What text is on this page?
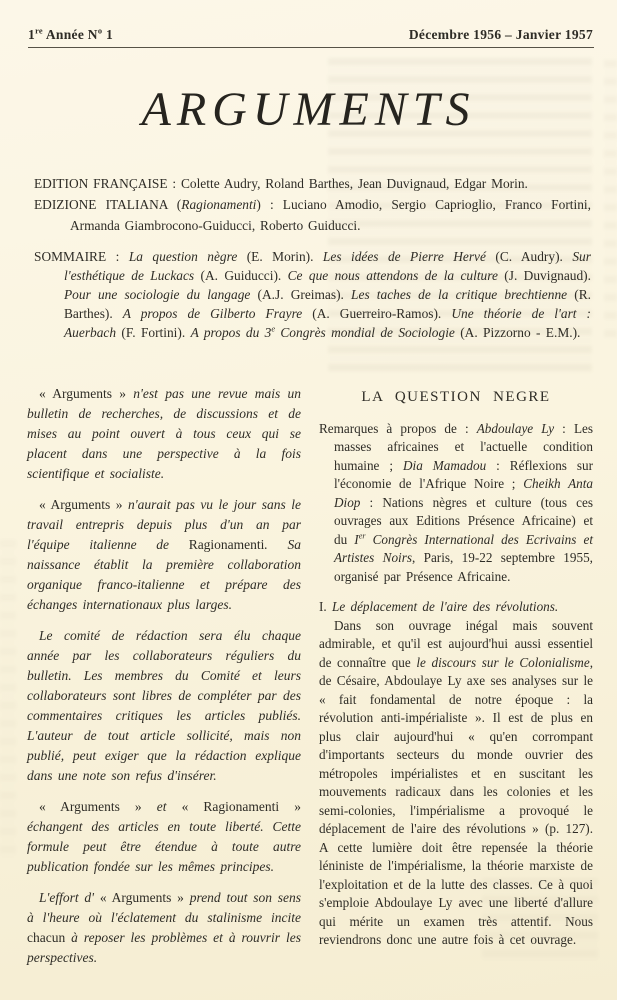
1re Année $N^o$ 1	Décembre 1956 – Janvier 1957
ARGUMENTS

EDITION FRANÇAISE : Colette Audry, Roland Barthes, Jean Duvignaud, Edgar Morin.

EDIZIONE ITALIANA (Ragionamenti) : Luciano Amodio, Sergio Caprioglio, Franco Fortini, Armanda Giambrocono-Guiducci, Roberto Guiducci.

SOMMAIRE : La question nègre (E. Morin). Les idées de Pierre Hervé (C. Audry). Sur l'esthétique de Luckacs (A. Guiducci). Ce que nous attendons de la culture (J. Duvignaud). Pour une sociologie du langage (A.J. Greimas). Les taches de la critique brechtienne (R. Barthes). A propos de Gilberto Frayre (A. Guerreiro-Ramos). Une théorie de l'art : Auerbach (F. Fortini). A propos du 3e Congrès mondial de Sociologie (A. Pizzorno - E.M.).

« Arguments » n'est pas une revue mais un bulletin de recherches, de discussions et de mises au point ouvert à tous ceux qui se placent dans une perspective à la fois scientifique et socialiste.

« Arguments » n'aurait pas vu le jour sans le travail entrepris depuis plus d'un an par l'équipe italienne de Ragionamenti. Sa naissance établit la première collaboration organique franco-italienne et prépare des échanges internationaux plus larges.

Le comité de rédaction sera élu chaque année par les collaborateurs réguliers du bulletin. Les membres du Comité et leurs collaborateurs sont libres de compléter par des commentaires critiques les articles publiés. L'auteur de tout article sollicité, mais non publié, peut exiger que la rédaction explique dans une note son refus d'insérer.

« Arguments » et « Ragionamenti » échangent des articles en toute liberté. Cette formule peut être étendue à toute autre publication fondée sur les mêmes principes.

L'effort d' « Arguments » prend tout son sens à l'heure où l'éclatement du stalinisme incite chacun à reposer les problèmes et à rouvrir les perspectives.

LA QUESTION NEGRE

Remarques à propos de : Abdoulaye Ly : Les masses africaines et l'actuelle condition humaine ; Dia Mamadou : Réflexions sur l'économie de l'Afrique Noire ; Cheikh Anta Diop : Nations nègres et culture (tous ces ouvrages aux Editions Présence Africaine) et du Ier Congrès International des Ecrivains et Artistes Noirs, Paris, 19-22 septembre 1955, organisé par Présence Africaine.

I. Le déplacement de l'aire des révolutions.

Dans son ouvrage inégal mais souvent admirable, et qu'il est aujourd'hui aussi essentiel de connaître que le discours sur le Colonialisme, de Césaire, Abdoulaye Ly axe ses analyses sur le « fait fondamental de notre époque : la révolution anti-impérialiste ». Il est de plus en plus clair aujourd'hui « qu'en corrompant d'importants secteurs du monde ouvrier des métropoles impérialistes et en suscitant les mouvements radicaux dans les colonies et les semi-colonies, l'impérialisme a provoqué le déplacement de l'aire des révolutions » (p. 127). A cette lumière doit être repensée la théorie léniniste de l'impérialisme, la théorie marxiste de l'exploitation et de la lutte des classes. Ce à quoi s'emploie Abdoulaye Ly avec une liberté d'allure qui mérite un examen très attentif. Nous reviendrons donc une autre fois à cet ouvrage.
